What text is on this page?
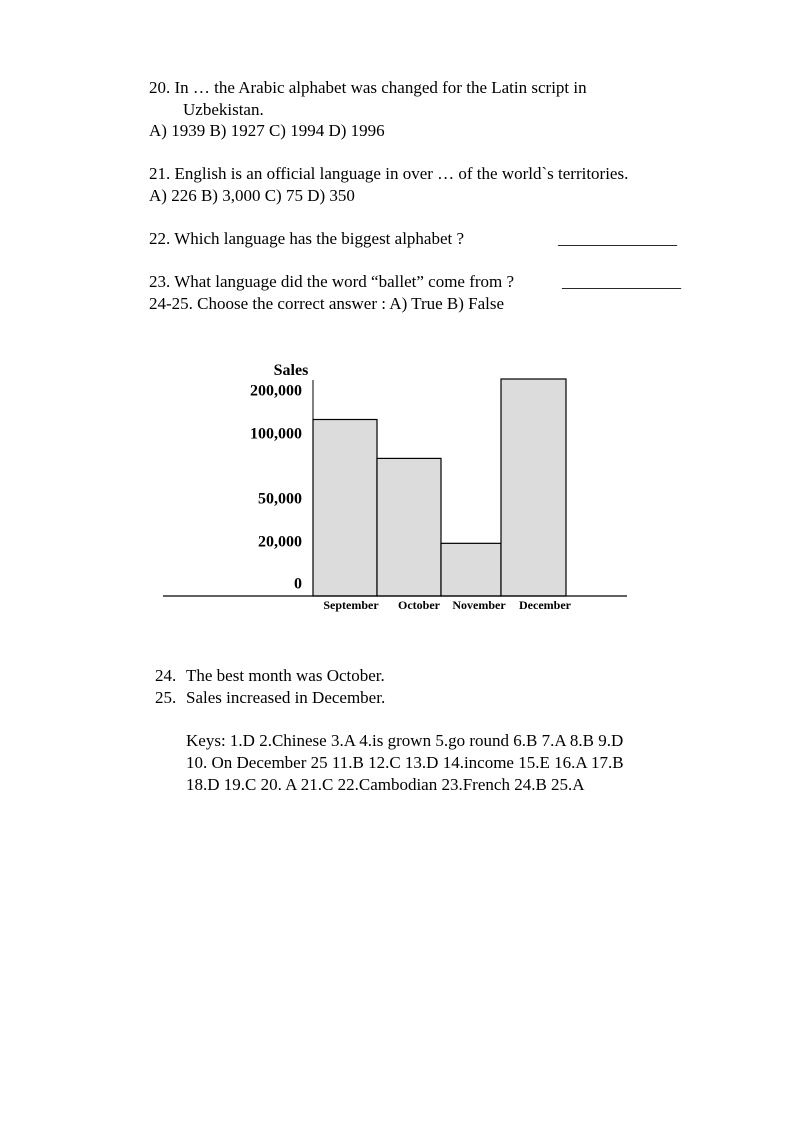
20. In … the Arabic alphabet was changed for the Latin script in
Uzbekistan.
A) 1939 B) 1927 C) 1994 D) 1996
21. English is an official language in over … of the world`s territories.
A) 226 B) 3,000 C) 75 D) 350
22. Which language has the biggest alphabet ?	______________
23. What language did the word “ballet” come from ?	______________
24-25. Choose the correct answer : A) True B) False
Sales
0
20,000
50,000
100,000
200,000
September October November December
24. The best month was October.
25. Sales increased in December.
Keys: 1.D 2.Chinese 3.A 4.is grown 5.go round 6.B 7.A 8.B 9.D
10. On December 25 11.B 12.C 13.D 14.income 15.E 16.A 17.B
18.D 19.C 20. A 21.C 22.Cambodian 23.French 24.B 25.A
